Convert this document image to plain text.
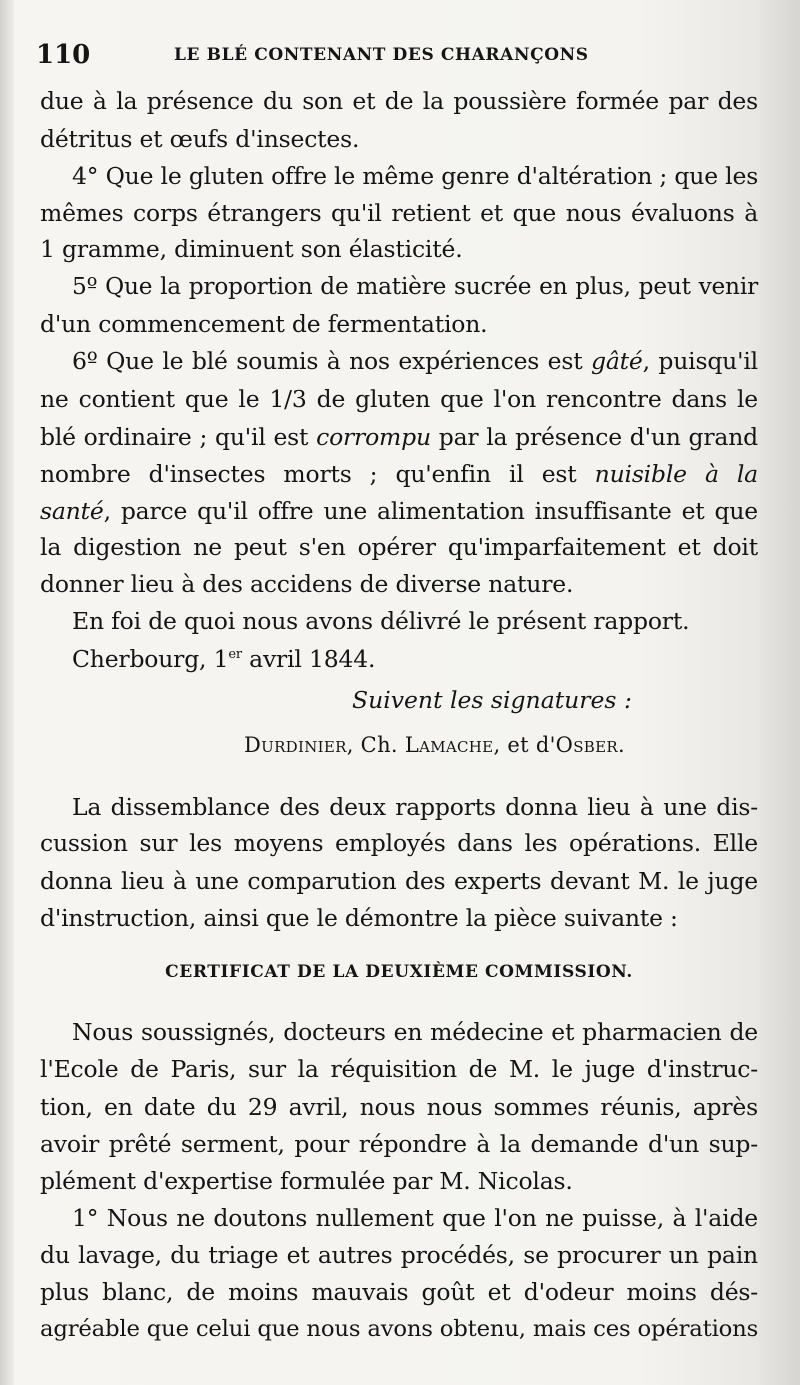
110	LE BLÉ CONTENANT DES CHARANÇONS
due à la présence du son et de la poussière formée par des
détritus et œufs d'insectes.
4° Que le gluten offre le même genre d'altération ; que les
mêmes corps étrangers qu'il retient et que nous évaluons à
1 gramme, diminuent son élasticité.
5º Que la proportion de matière sucrée en plus, peut venir
d'un commencement de fermentation.
6º Que le blé soumis à nos expériences est gâté, puisqu'il
ne contient que le 1/3 de gluten que l'on rencontre dans le
blé ordinaire ; qu'il est corrompu par la présence d'un grand
nombre d'insectes morts ; qu'enfin il est nuisible à la
santé, parce qu'il offre une alimentation insuffisante et que
la digestion ne peut s'en opérer qu'imparfaitement et doit
donner lieu à des accidens de diverse nature.
En foi de quoi nous avons délivré le présent rapport.
Cherbourg, 1er avril 1844.
Suivent les signatures :
Durdinier, Ch. Lamache, et d'Osber.
La dissemblance des deux rapports donna lieu à une dis-
cussion sur les moyens employés dans les opérations. Elle
donna lieu à une comparution des experts devant M. le juge
d'instruction, ainsi que le démontre la pièce suivante :
CERTIFICAT DE LA DEUXIÈME COMMISSION.
Nous soussignés, docteurs en médecine et pharmacien de
l'Ecole de Paris, sur la réquisition de M. le juge d'instruc-
tion, en date du 29 avril, nous nous sommes réunis, après
avoir prêté serment, pour répondre à la demande d'un sup-
plément d'expertise formulée par M. Nicolas.
1° Nous ne doutons nullement que l'on ne puisse, à l'aide
du lavage, du triage et autres procédés, se procurer un pain
plus blanc, de moins mauvais goût et d'odeur moins dés-
agréable que celui que nous avons obtenu, mais ces opérations
